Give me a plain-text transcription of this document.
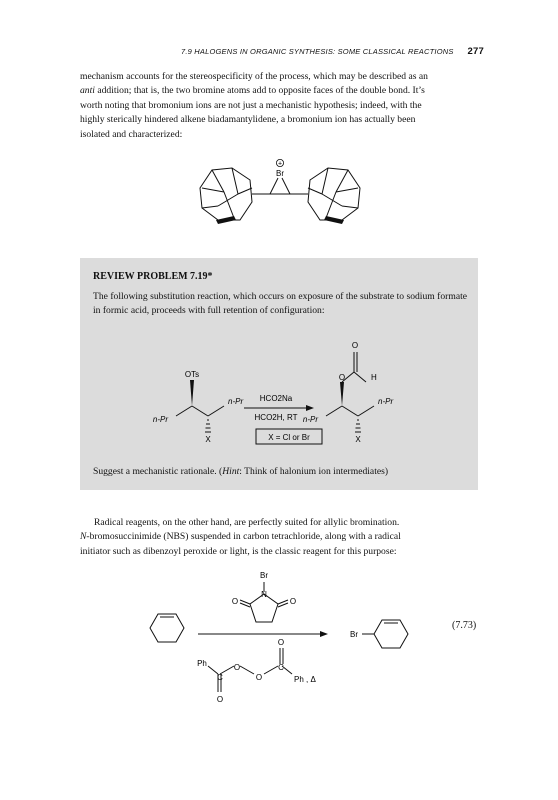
7.9 HALOGENS IN ORGANIC SYNTHESIS: SOME CLASSICAL REACTIONS 277
mechanism accounts for the stereospecificity of the process, which may be described as an
anti addition; that is, the two bromine atoms add to opposite faces of the double bond. It’s
worth noting that bromonium ions are not just a mechanistic hypothesis; indeed, with the
highly sterically hindered alkene biadamantylidene, a bromonium ion has actually been
isolated and characterized:
+
Br
REVIEW PROBLEM 7.19*
The following substitution reaction, which occurs on exposure of the substrate to sodium formate in formic acid, proceeds with full retention of configuration:
OTs
n-Pr
n-Pr
X
HCO2Na
HCO2H, RT
X = Cl or Br
O
O	H
n-Pr
n-Pr
X
Suggest a mechanistic rationale. (Hint: Think of halonium ion intermediates)
Radical reagents, on the other hand, are perfectly suited for allylic bromination.
N-bromosuccinimide (NBS) suspended in carbon tetrachloride, along with a radical
initiator such as dibenzoyl peroxide or light, is the classic reagent for this purpose:
Br
N
O	O
Br
Ph
C
O
O
O
C
O
Ph , Δ
(7.73)
